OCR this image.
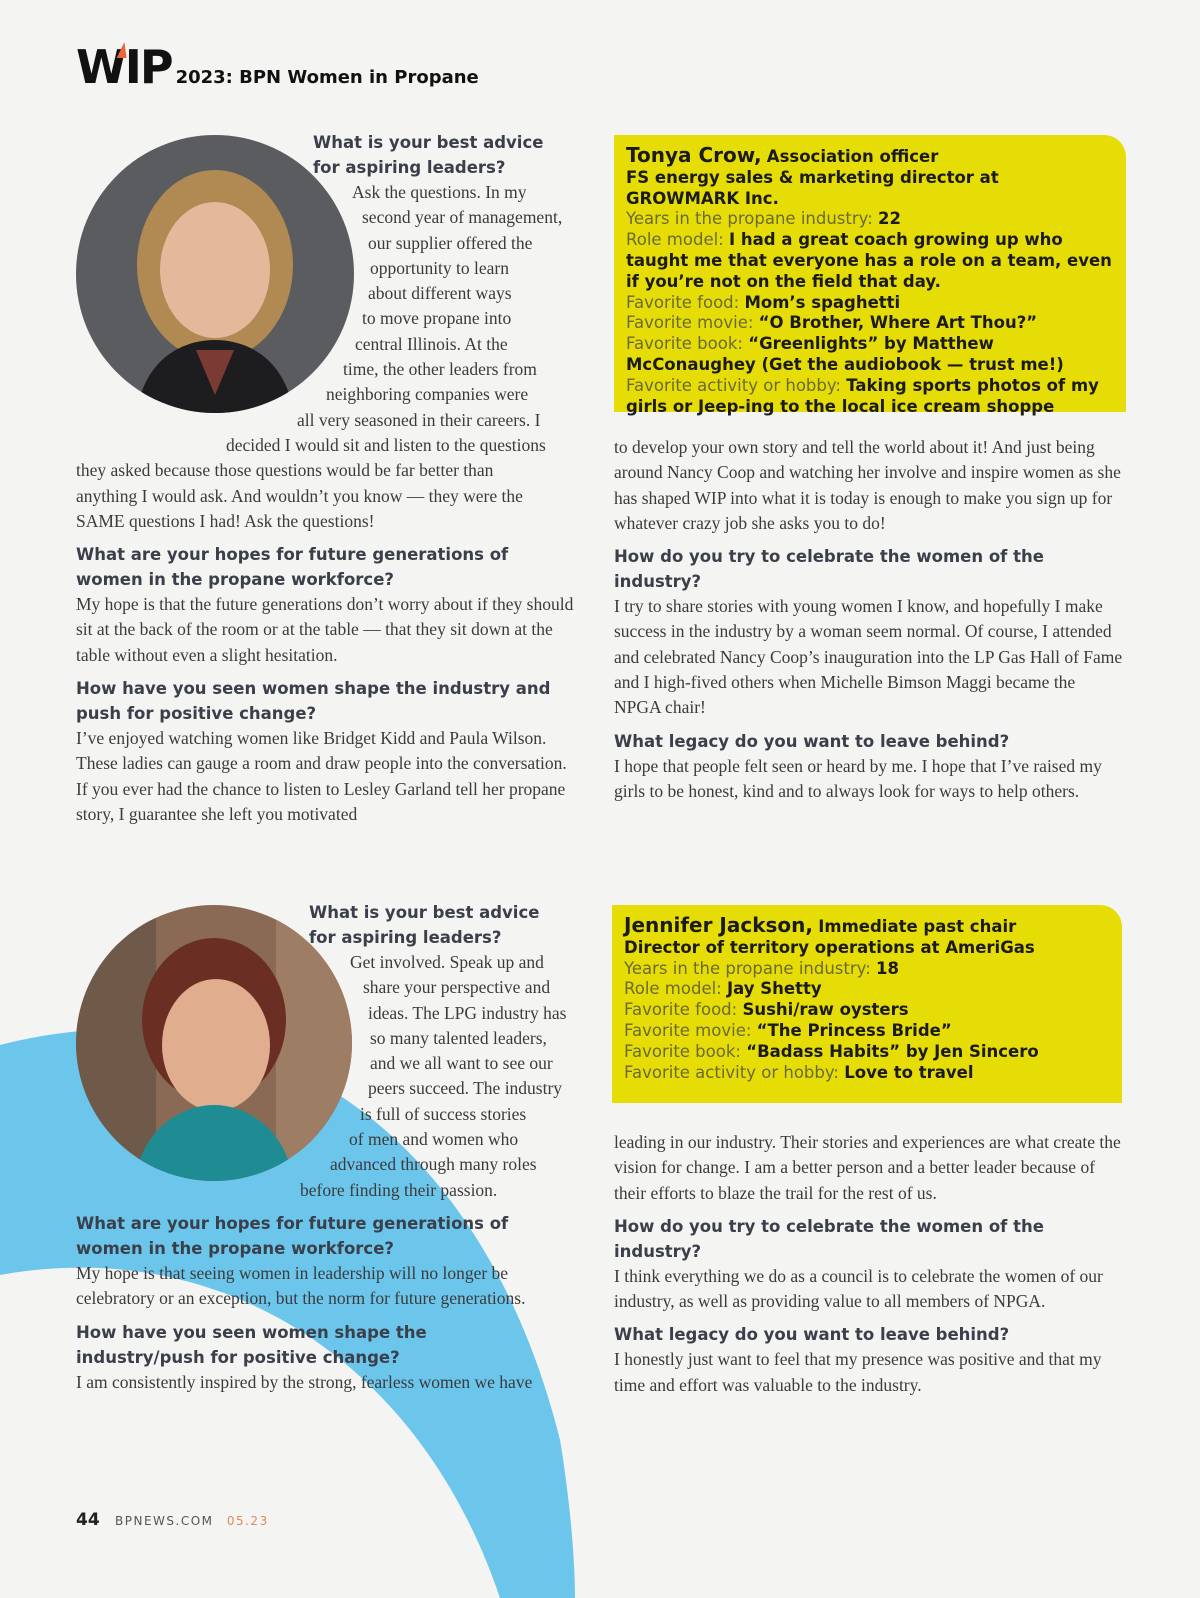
WIP 2023: BPN Women in Propane
What is your best advice for aspiring leaders?
Ask the questions. In my
second year of management,
our supplier offered the
opportunity to learn
about different ways
to move propane into
central Illinois. At the
time, the other leaders from
neighboring companies were
all very seasoned in their careers. I
decided I would sit and listen to the questions
they asked because those questions would be far better than
anything I would ask. And wouldn’t you know — they were the
SAME questions I had! Ask the questions!
What are your hopes for future generations of women in the propane workforce?

My hope is that the future generations don’t worry about if they should sit at the back of the room or at the table — that they sit down at the table without even a slight hesitation.

How have you seen women shape the industry and push for positive change?

I’ve enjoyed watching women like Bridget Kidd and Paula Wilson. These ladies can gauge a room and draw people into the conversation. If you ever had the chance to listen to Lesley Garland tell her propane story, I guarantee she left you motivated

Tonya Crow, Association officer
FS energy sales & marketing director at GROWMARK Inc.
Years in the propane industry: 22
Role model: I had a great coach growing up who taught me that everyone has a role on a team, even if you’re not on the field that day.
Favorite food: Mom’s spaghetti
Favorite movie: “O Brother, Where Art Thou?”
Favorite book: “Greenlights” by Matthew McConaughey (Get the audiobook — trust me!)
Favorite activity or hobby: Taking sports photos of my girls or Jeep-ing to the local ice cream shoppe

to develop your own story and tell the world about it! And just being around Nancy Coop and watching her involve and inspire women as she has shaped WIP into what it is today is enough to make you sign up for whatever crazy job she asks you to do!

How do you try to celebrate the women of the industry?

I try to share stories with young women I know, and hopefully I make success in the industry by a woman seem normal. Of course, I attended and celebrated Nancy Coop’s inauguration into the LP Gas Hall of Fame and I high-fived others when Michelle Bimson Maggi became the NPGA chair!

What legacy do you want to leave behind?

I hope that people felt seen or heard by me. I hope that I’ve raised my girls to be honest, kind and to always look for ways to help others.

What is your best advice for aspiring leaders?
Get involved. Speak up and
share your perspective and
ideas. The LPG industry has
so many talented leaders,
and we all want to see our
peers succeed. The industry
is full of success stories
of men and women who
advanced through many roles
before finding their passion.
What are your hopes for future generations of women in the propane workforce?

My hope is that seeing women in leadership will no longer be celebratory or an exception, but the norm for future generations.

How have you seen women shape the industry/push for positive change?

I am consistently inspired by the strong, fearless women we have

Jennifer Jackson, Immediate past chair
Director of territory operations at AmeriGas
Years in the propane industry: 18
Role model: Jay Shetty
Favorite food: Sushi/raw oysters
Favorite movie: “The Princess Bride”
Favorite book: “Badass Habits” by Jen Sincero
Favorite activity or hobby: Love to travel

leading in our industry. Their stories and experiences are what create the vision for change. I am a better person and a better leader because of their efforts to blaze the trail for the rest of us.

How do you try to celebrate the women of the industry?

I think everything we do as a council is to celebrate the women of our industry, as well as providing value to all members of NPGA.

What legacy do you want to leave behind?

I honestly just want to feel that my presence was positive and that my time and effort was valuable to the industry.

44 BPNEWS.COM 05.23
